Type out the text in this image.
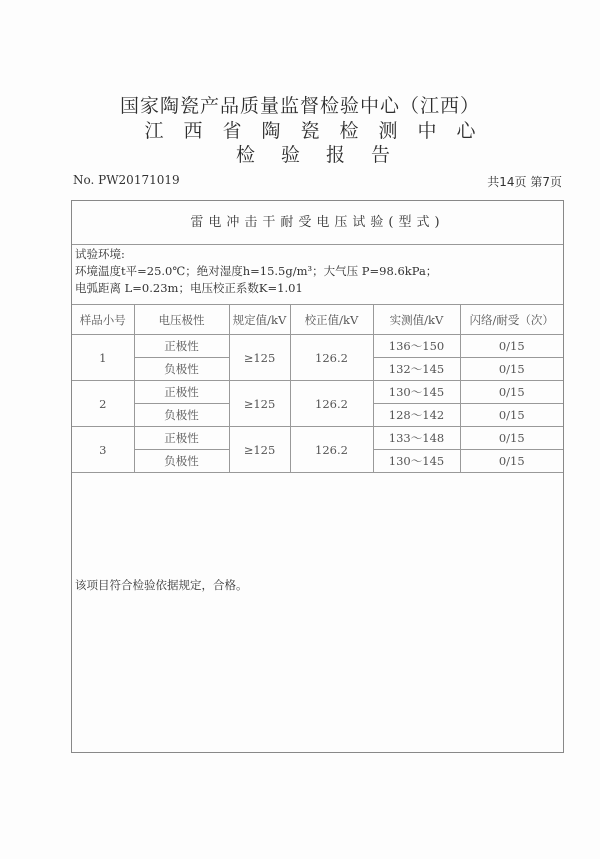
国家陶瓷产品质量监督检验中心（江西）
江西省陶瓷检测中心
检验报告
No. PW20171019	共14页 第7页
雷电冲击干耐受电压试验(型式)
试验环境:
环境温度t平=25.0℃；绝对湿度h=15.5g/m³；大气压 P=98.6kPa；
电弧距离 L=0.23m；电压校正系数K=1.01
样品小号	电压极性	规定值/kV	校正值/kV	实测值/kV	闪络/耐受（次）
1	正极性	≥125	126.2	136～150	0/15
	负极性			132～145	0/15
2	正极性	≥125	126.2	130～145	0/15
	负极性			128～142	0/15
3	正极性	≥125	126.2	133～148	0/15
	负极性			130～145	0/15
该项目符合检验依据规定，合格。
